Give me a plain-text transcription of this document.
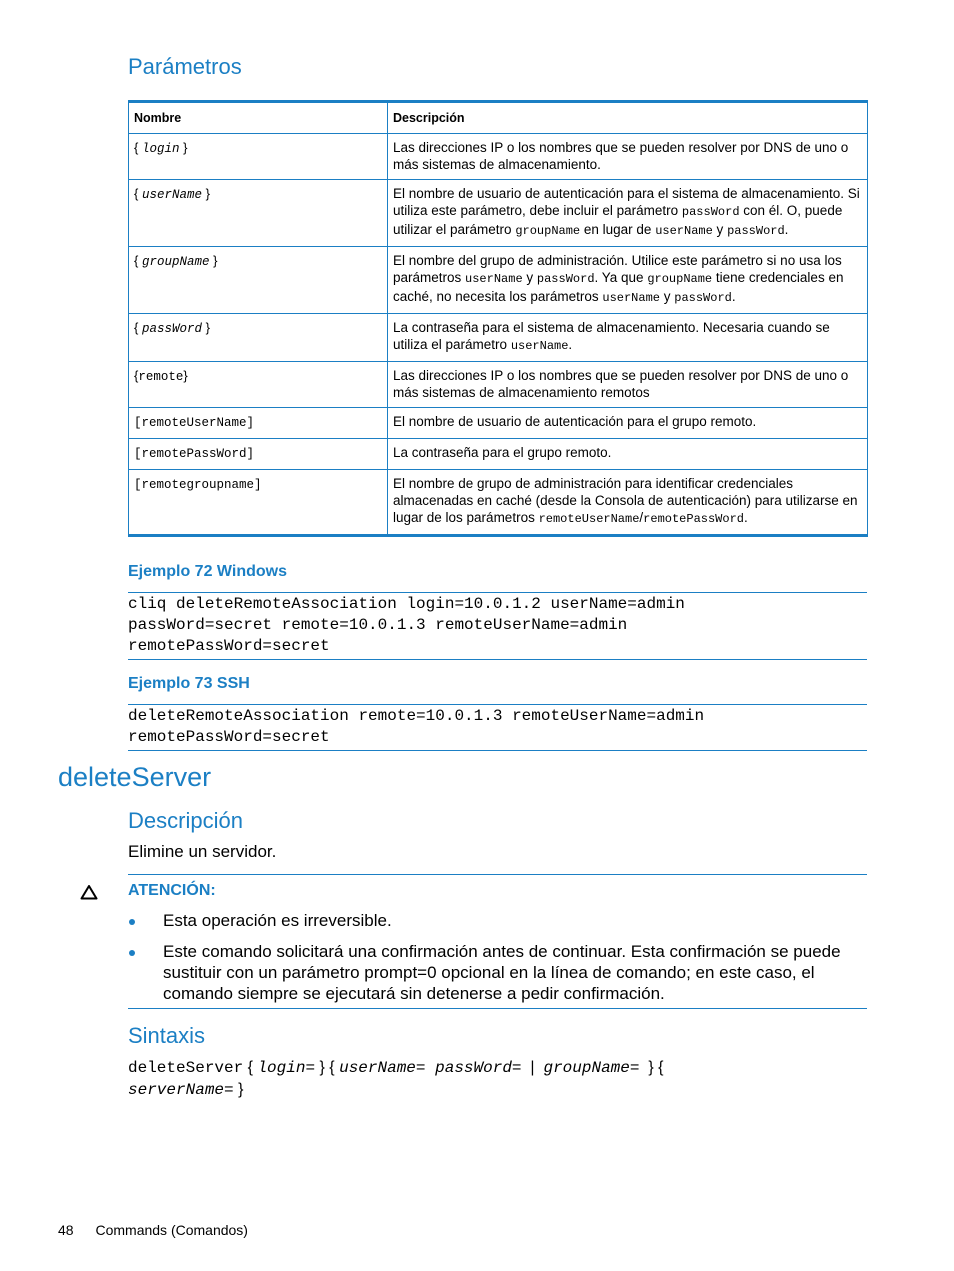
Parámetros
Nombre	Descripción
{ login }	Las direcciones IP o los nombres que se pueden resolver por DNS de uno o más sistemas de almacenamiento.
{ userName }	El nombre de usuario de autenticación para el sistema de almacenamiento. Si utiliza este parámetro, debe incluir el parámetro passWord con él. O, puede utilizar el parámetro groupName en lugar de userName y passWord.
{ groupName }	El nombre del grupo de administración. Utilice este parámetro si no usa los parámetros userName y passWord. Ya que groupName tiene credenciales en caché, no necesita los parámetros userName y passWord.
{ passWord }	La contraseña para el sistema de almacenamiento. Necesaria cuando se utiliza el parámetro userName.
{remote}	Las direcciones IP o los nombres que se pueden resolver por DNS de uno o más sistemas de almacenamiento remotos
[remoteUserName]	El nombre de usuario de autenticación para el grupo remoto.
[remotePassWord]	La contraseña para el grupo remoto.
[remotegroupname]	El nombre de grupo de administración para identificar credenciales almacenadas en caché (desde la Consola de autenticación) para utilizarse en lugar de los parámetros remoteUserName/remotePassWord.
Ejemplo 72 Windows
cliq deleteRemoteAssociation login=10.0.1.2 userName=admin
passWord=secret remote=10.0.1.3 remoteUserName=admin
remotePassWord=secret
Ejemplo 73 SSH
deleteRemoteAssociation remote=10.0.1.3 remoteUserName=admin
remotePassWord=secret
deleteServer
Descripción
Elimine un servidor.
ATENCIÓN:
Esta operación es irreversible.
Este comando solicitará una confirmación antes de continuar. Esta confirmación se puede sustituir con un parámetro prompt=0 opcional en la línea de comando; en este caso, el comando siempre se ejecutará sin detenerse a pedir confirmación.
Sintaxis
deleteServer { login= } { userName= passWord=  |  groupName=  } {
serverName= }
48 Commands (Comandos)
